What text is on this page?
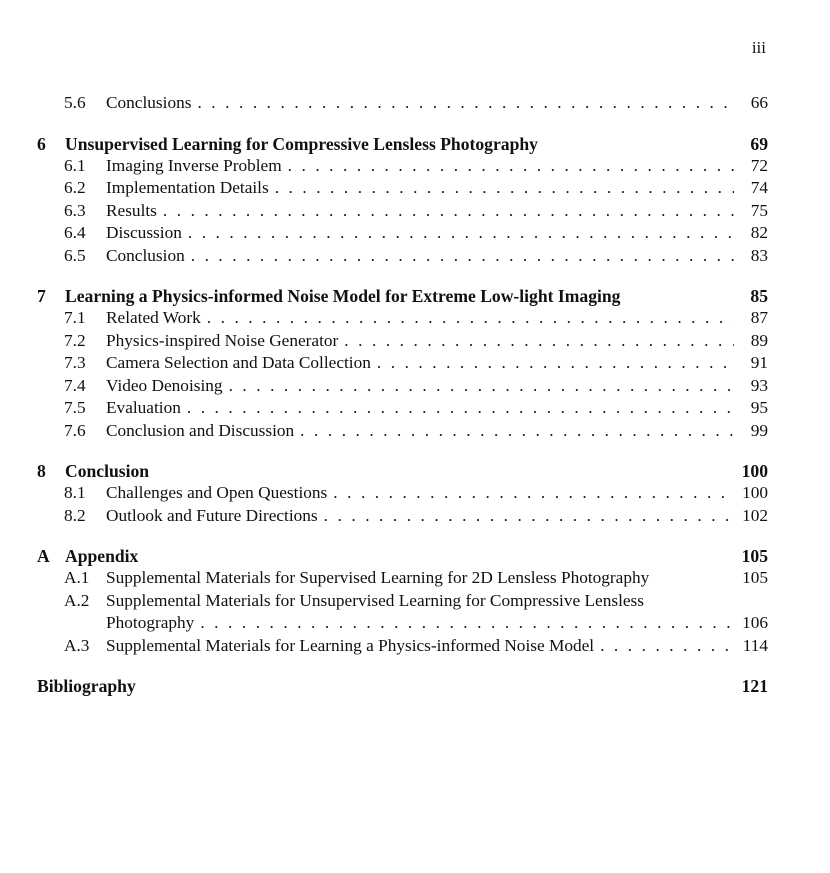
iii
5.6	Conclusions . . .	66
6	Unsupervised Learning for Compressive Lensless Photography	69
6.1	Imaging Inverse Problem . . .	72
6.2	Implementation Details . . .	74
6.3	Results . . .	75
6.4	Discussion . . .	82
6.5	Conclusion . . .	83
7	Learning a Physics-informed Noise Model for Extreme Low-light Imaging	85
7.1	Related Work . . .	87
7.2	Physics-inspired Noise Generator . . .	89
7.3	Camera Selection and Data Collection . . .	91
7.4	Video Denoising . . .	93
7.5	Evaluation . . .	95
7.6	Conclusion and Discussion . . .	99
8	Conclusion	100
8.1	Challenges and Open Questions . . .	100
8.2	Outlook and Future Directions . . .	102
A Appendix	105
A.1 Supplemental Materials for Supervised Learning for 2D Lensless Photography	105
A.2 Supplemental Materials for Unsupervised Learning for Compressive Lensless
Photography . . .	106
A.3 Supplemental Materials for Learning a Physics-informed Noise Model . . .	114
Bibliography	121
